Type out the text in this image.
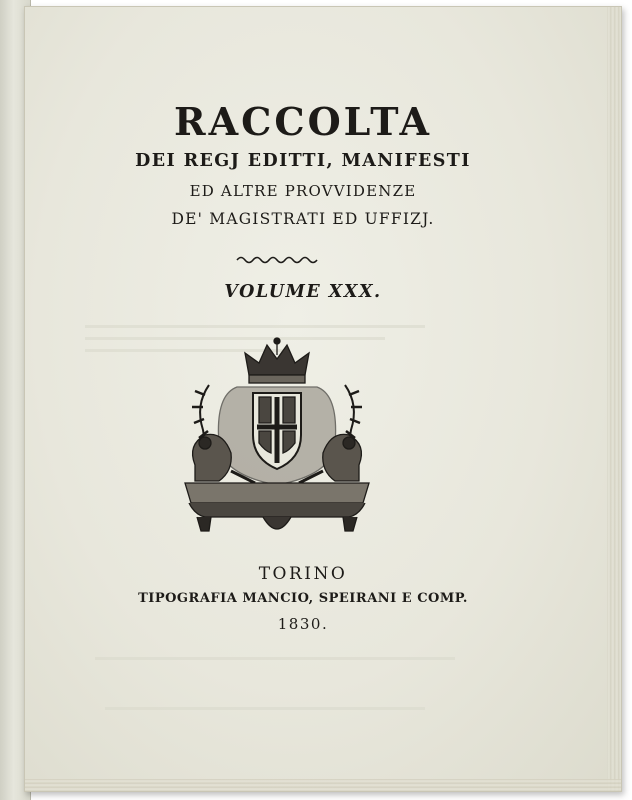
RACCOLTA
DEI REGJ EDITTI, MANIFESTI
ED ALTRE PROVVIDENZE
DE' MAGISTRATI ED UFFIZJ.
VOLUME XXX.
TORINO
TIPOGRAFIA MANCIO, SPEIRANI E COMP.
1830.
